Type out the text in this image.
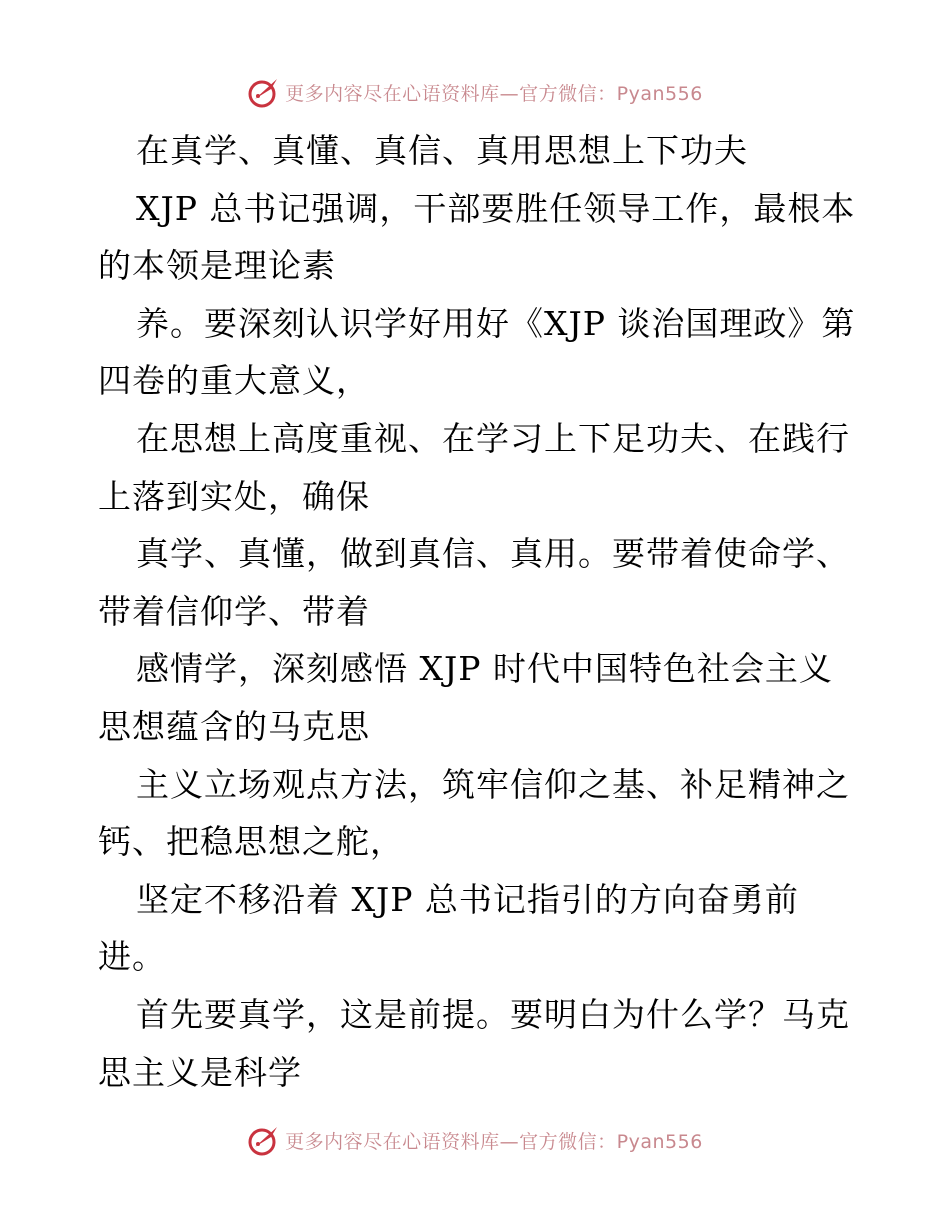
更多内容尽在心语资料库—官方微信：Pyan556
在真学、真懂、真信、真用思想上下功夫
XJP 总书记强调，干部要胜任领导工作，最根本
的本领是理论素
养。要深刻认识学好用好《XJP 谈治国理政》第
四卷的重大意义，
在思想上高度重视、在学习上下足功夫、在践行
上落到实处，确保
真学、真懂，做到真信、真用。要带着使命学、
带着信仰学、带着
感情学，深刻感悟 XJP 时代中国特色社会主义
思想蕴含的马克思
主义立场观点方法，筑牢信仰之基、补足精神之
钙、把稳思想之舵，
坚定不移沿着 XJP 总书记指引的方向奋勇前
进。
首先要真学，这是前提。要明白为什么学？马克
思主义是科学
更多内容尽在心语资料库—官方微信：Pyan556
